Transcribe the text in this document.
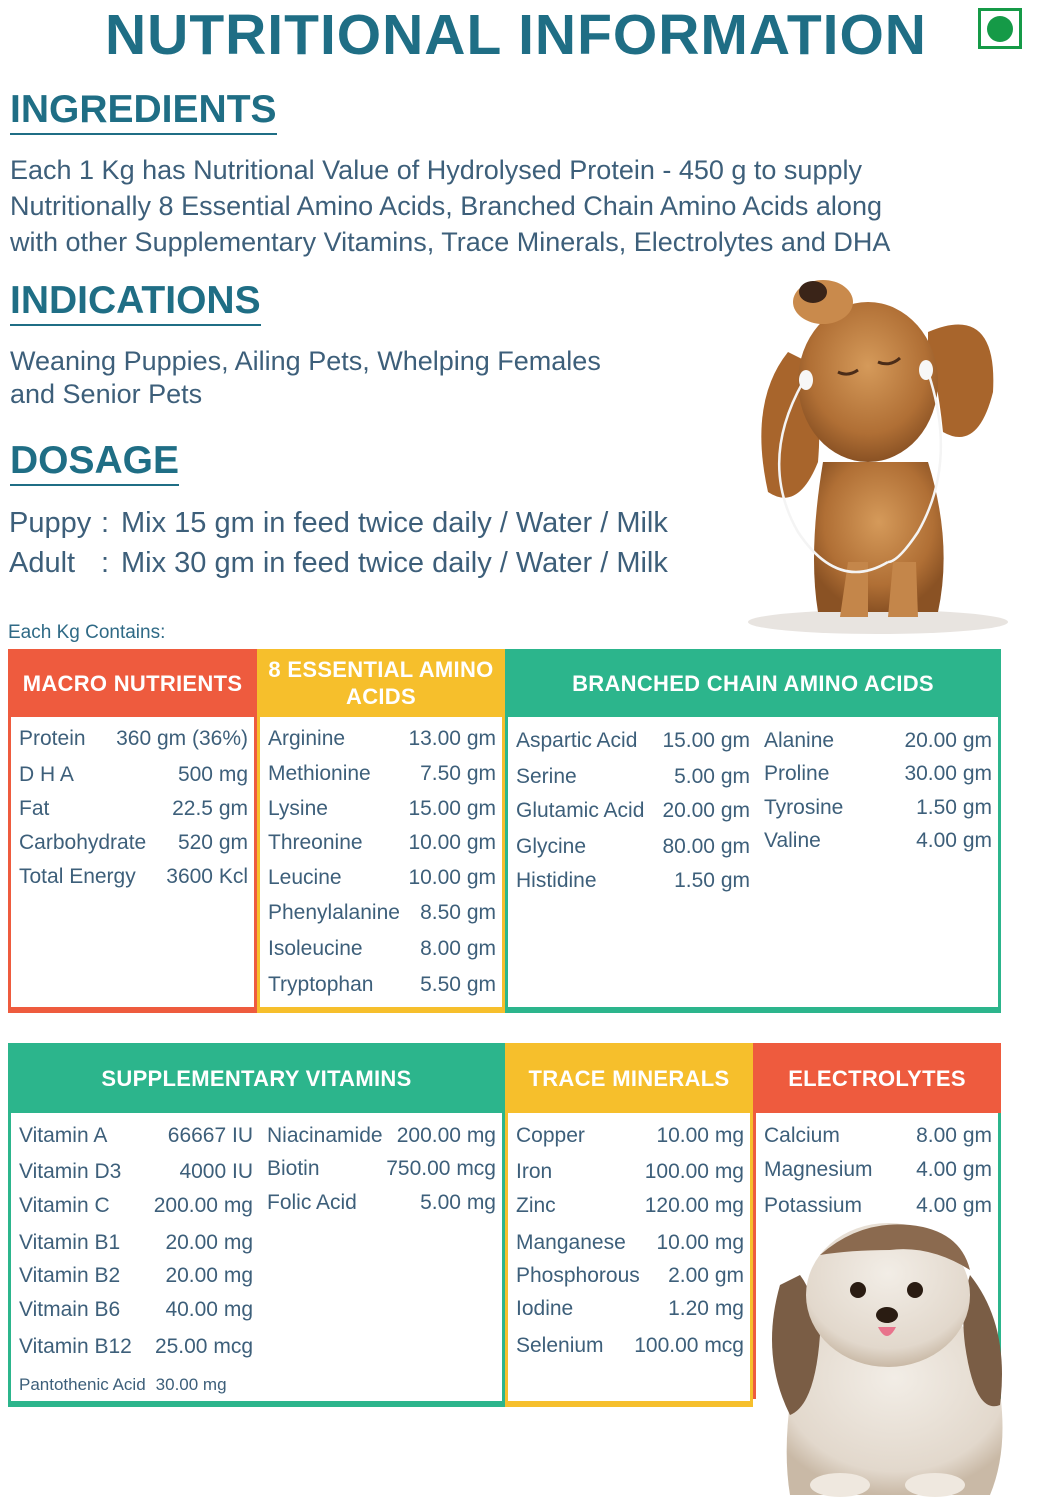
NUTRITIONAL INFORMATION
INGREDIENTS
Each 1 Kg has Nutritional Value of Hydrolysed Protein - 450 g to supply
Nutritionally 8 Essential Amino Acids, Branched Chain Amino Acids along
with other Supplementary Vitamins, Trace Minerals, Electrolytes and DHA
INDICATIONS
Weaning Puppies, Ailing Pets, Whelping Females
and Senior Pets
DOSAGE
Puppy : Mix 15 gm in feed twice daily / Water / Milk
Adult : Mix 30 gm in feed twice daily / Water / Milk
Each Kg Contains:
MACRO NUTRIENTS
Protein 360 gm (36%)
D H A	500 mg
Fat	22.5 gm
Carbohydrate 520 gm
Total Energy 3600 Kcl
8 ESSENTIAL AMINO ACIDS
Arginine	13.00 gm
Methionine 7.50 gm
Lysine	15.00 gm
Threonine 10.00 gm
Leucine	10.00 gm
Phenylalanine 8.50 gm
Isoleucine	8.00 gm
Tryptophan 5.50 gm
BRANCHED CHAIN AMINO ACIDS
Aspartic Acid 15.00 gm
Serine	5.00 gm
Glutamic Acid 20.00 gm
Glycine	80.00 gm
Histidine	1.50 gm
Alanine	20.00 gm
Proline	30.00 gm
Tyrosine	1.50 gm
Valine	4.00 gm
SUPPLEMENTARY VITAMINS
Vitamin A	66667 IU
Vitamin D3	4000 IU
Vitamin C 200.00 mg
Vitamin B1 20.00 mg
Vitamin B2 20.00 mg
Vitmain B6 40.00 mg
Vitamin B12 25.00 mcg
Pantothenic Acid 30.00 mg
Niacinamide 200.00 mg
Biotin	750.00 mcg
Folic Acid	5.00 mg
TRACE MINERALS
Copper	10.00 mg
Iron	100.00 mg
Zinc	120.00 mg
Manganese 10.00 mg
Phosphorous 2.00 gm
Iodine	1.20 mg
Selenium 100.00 mcg
ELECTROLYTES
Calcium	8.00 gm
Magnesium 4.00 gm
Potassium	4.00 gm
